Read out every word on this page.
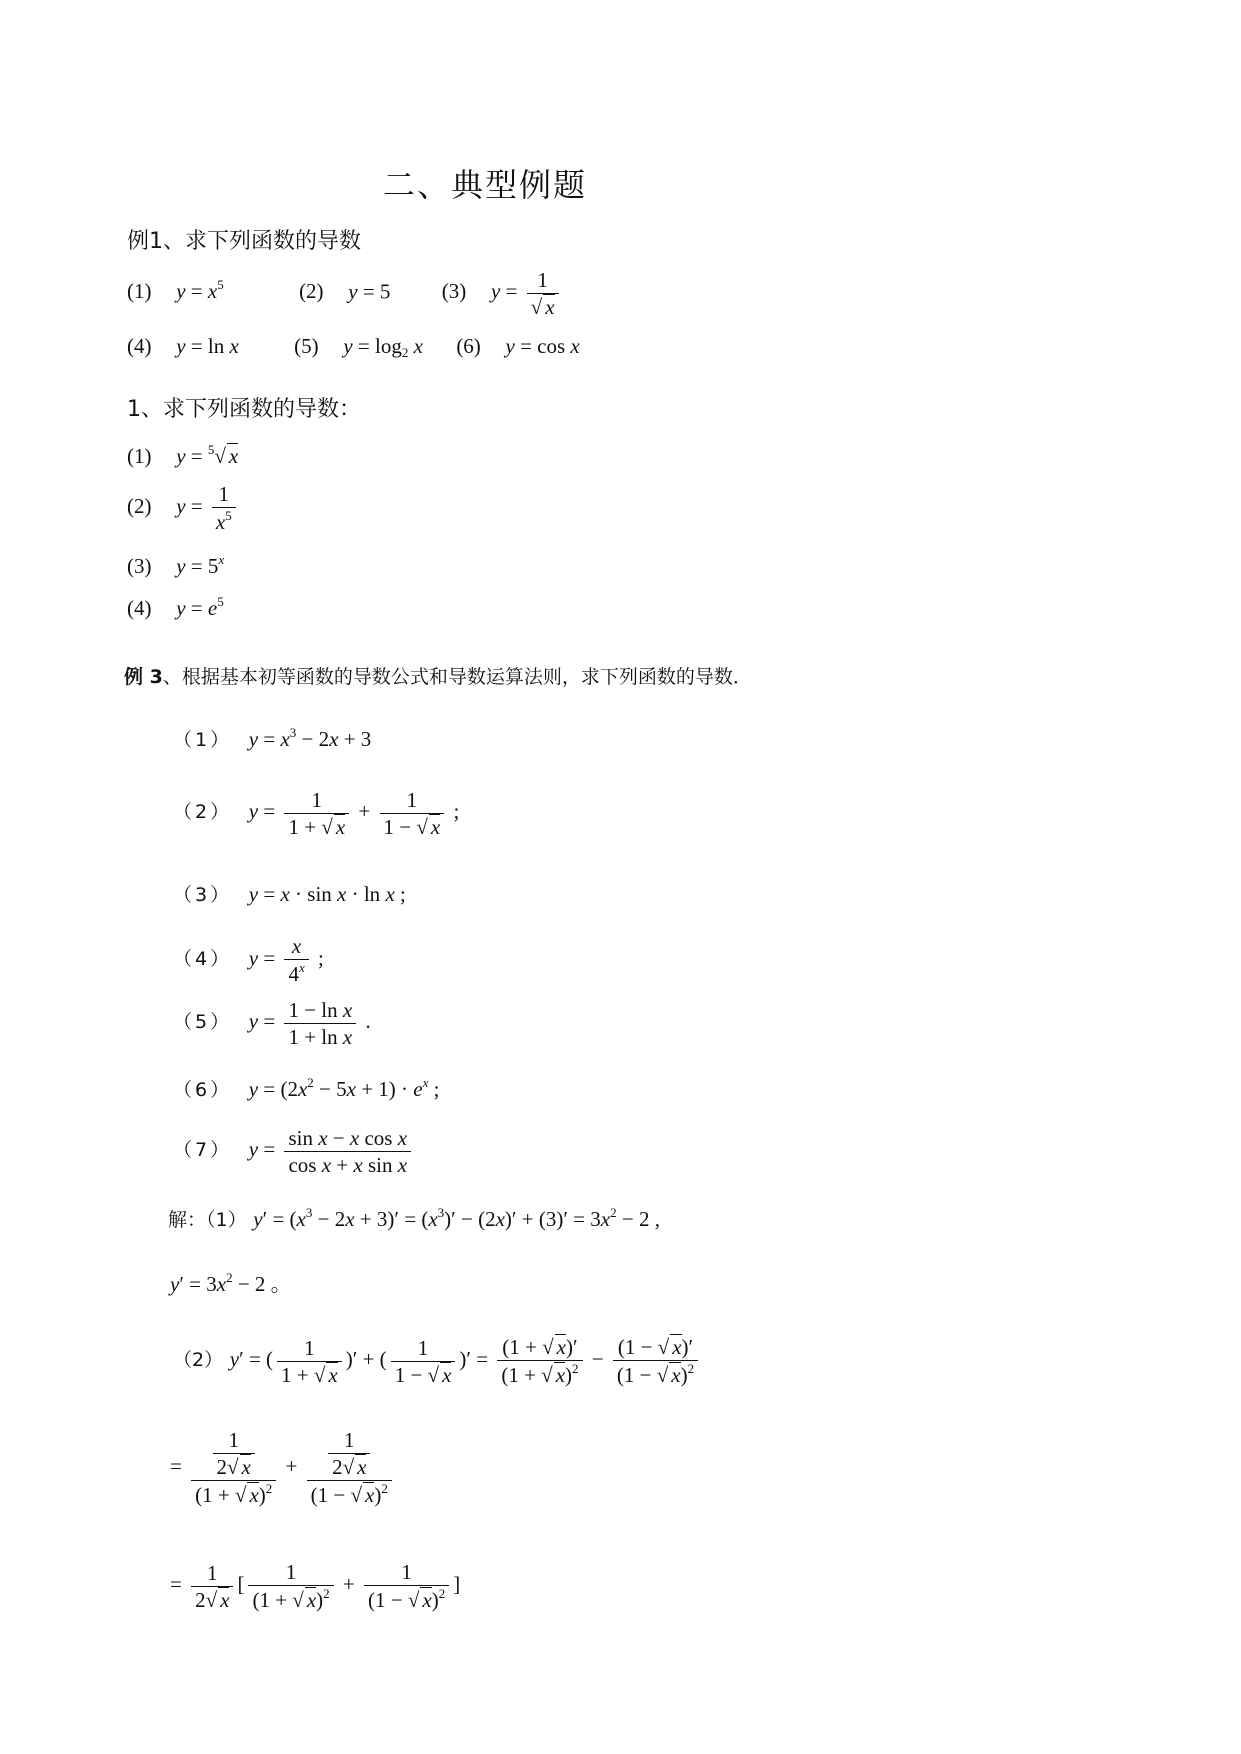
二、典型例题
例1、求下列函数的导数
(1) $y = x^5$	(2) y = 5 (3) $y = \frac{1}{√ x}$
(4) y = ln x	(5) $y = \log_2 x$ (6) y = cos x
1、求下列函数的导数：
(1) y = $^5$√ x
(2) $y = \frac{1}{x^5}$
(3) $y = 5^x$
(4) $y = e^5$
例 3、根据基本初等函数的导数公式和导数运算法则，求下列函数的导数．
（1） $y = x^3 - 2x + 3$
（2） $y = \frac{1}{1 + √ x} + \frac{1}{1 - √ x}$ ;
（3） y = x · sin x · ln x ;
（4） $y = \frac{x}{4^x}$ ;
（5） $y = \frac{\text{1 − ln x}}{\text{1 + ln x}}$ .
（6） $y = (2x^2 - 5x + 1) \cdot e^x$ ;
（7） $y = \frac{\text{sin x − x cos x}}{\text{cos x + x sin x}}$
解：（1） $y' = (x^3 - 2x + 3)' = (x^3)' - (2x)' + (3)' = 3x^2 - 2$ ,
$y' = 3x^2 - 2$ 。
（2） y′ = ( $\frac{1}{1 + √ x}$ )′ + ( $\frac{1}{1 - √ x}$ )′ = $\frac{(1 + √ x)'}{(1 + √ x)^2} - \frac{(1 - √ x)'}{(1 - √ x)^2}$
= $\frac{\frac{1}{2√ x}}{(1 + √ x)^2} + \frac{\frac{1}{2√ x}}{(1 - √ x)^2}$
= $\frac{1}{2√ x}$ [ $\frac{1}{(1 + √ x)^2} + \frac{1}{(1 - √ x)^2}$ ]
